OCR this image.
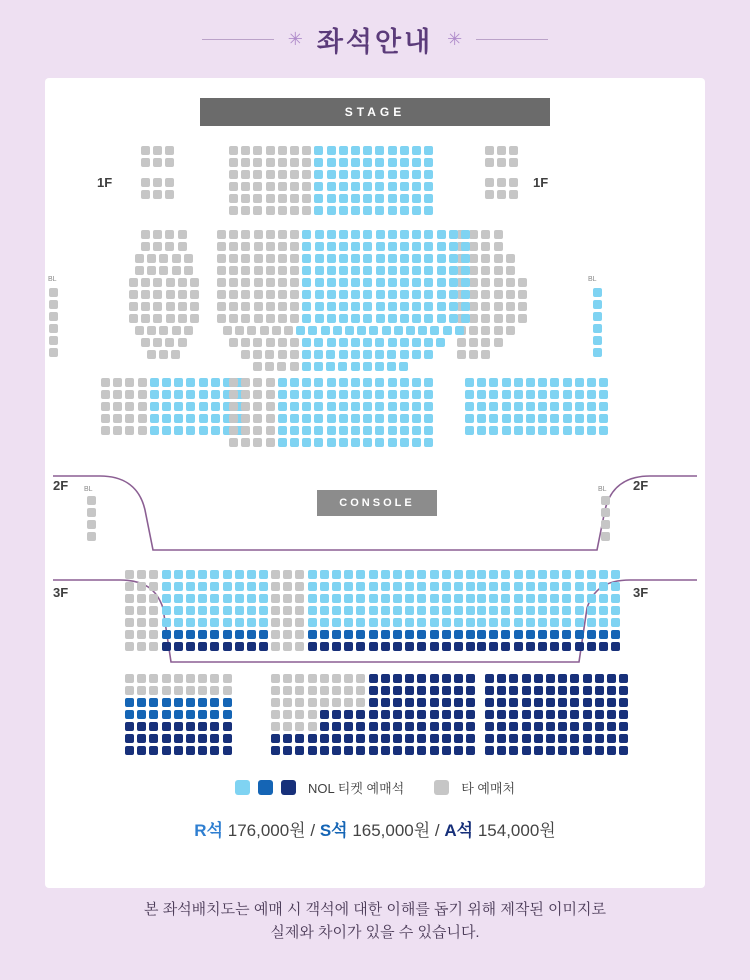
✳ 좌석안내 ✳
STAGE
CONSOLE
1F	1F
2F	2F
3F	3F
BL	BL
BL	BL
NOL 티켓 예매석	타 예매처
R석 176,000원 / S석 165,000원 / A석 154,000원
본 좌석배치도는 예매 시 객석에 대한 이해를 돕기 위해 제작된 이미지로
실제와 차이가 있을 수 있습니다.
